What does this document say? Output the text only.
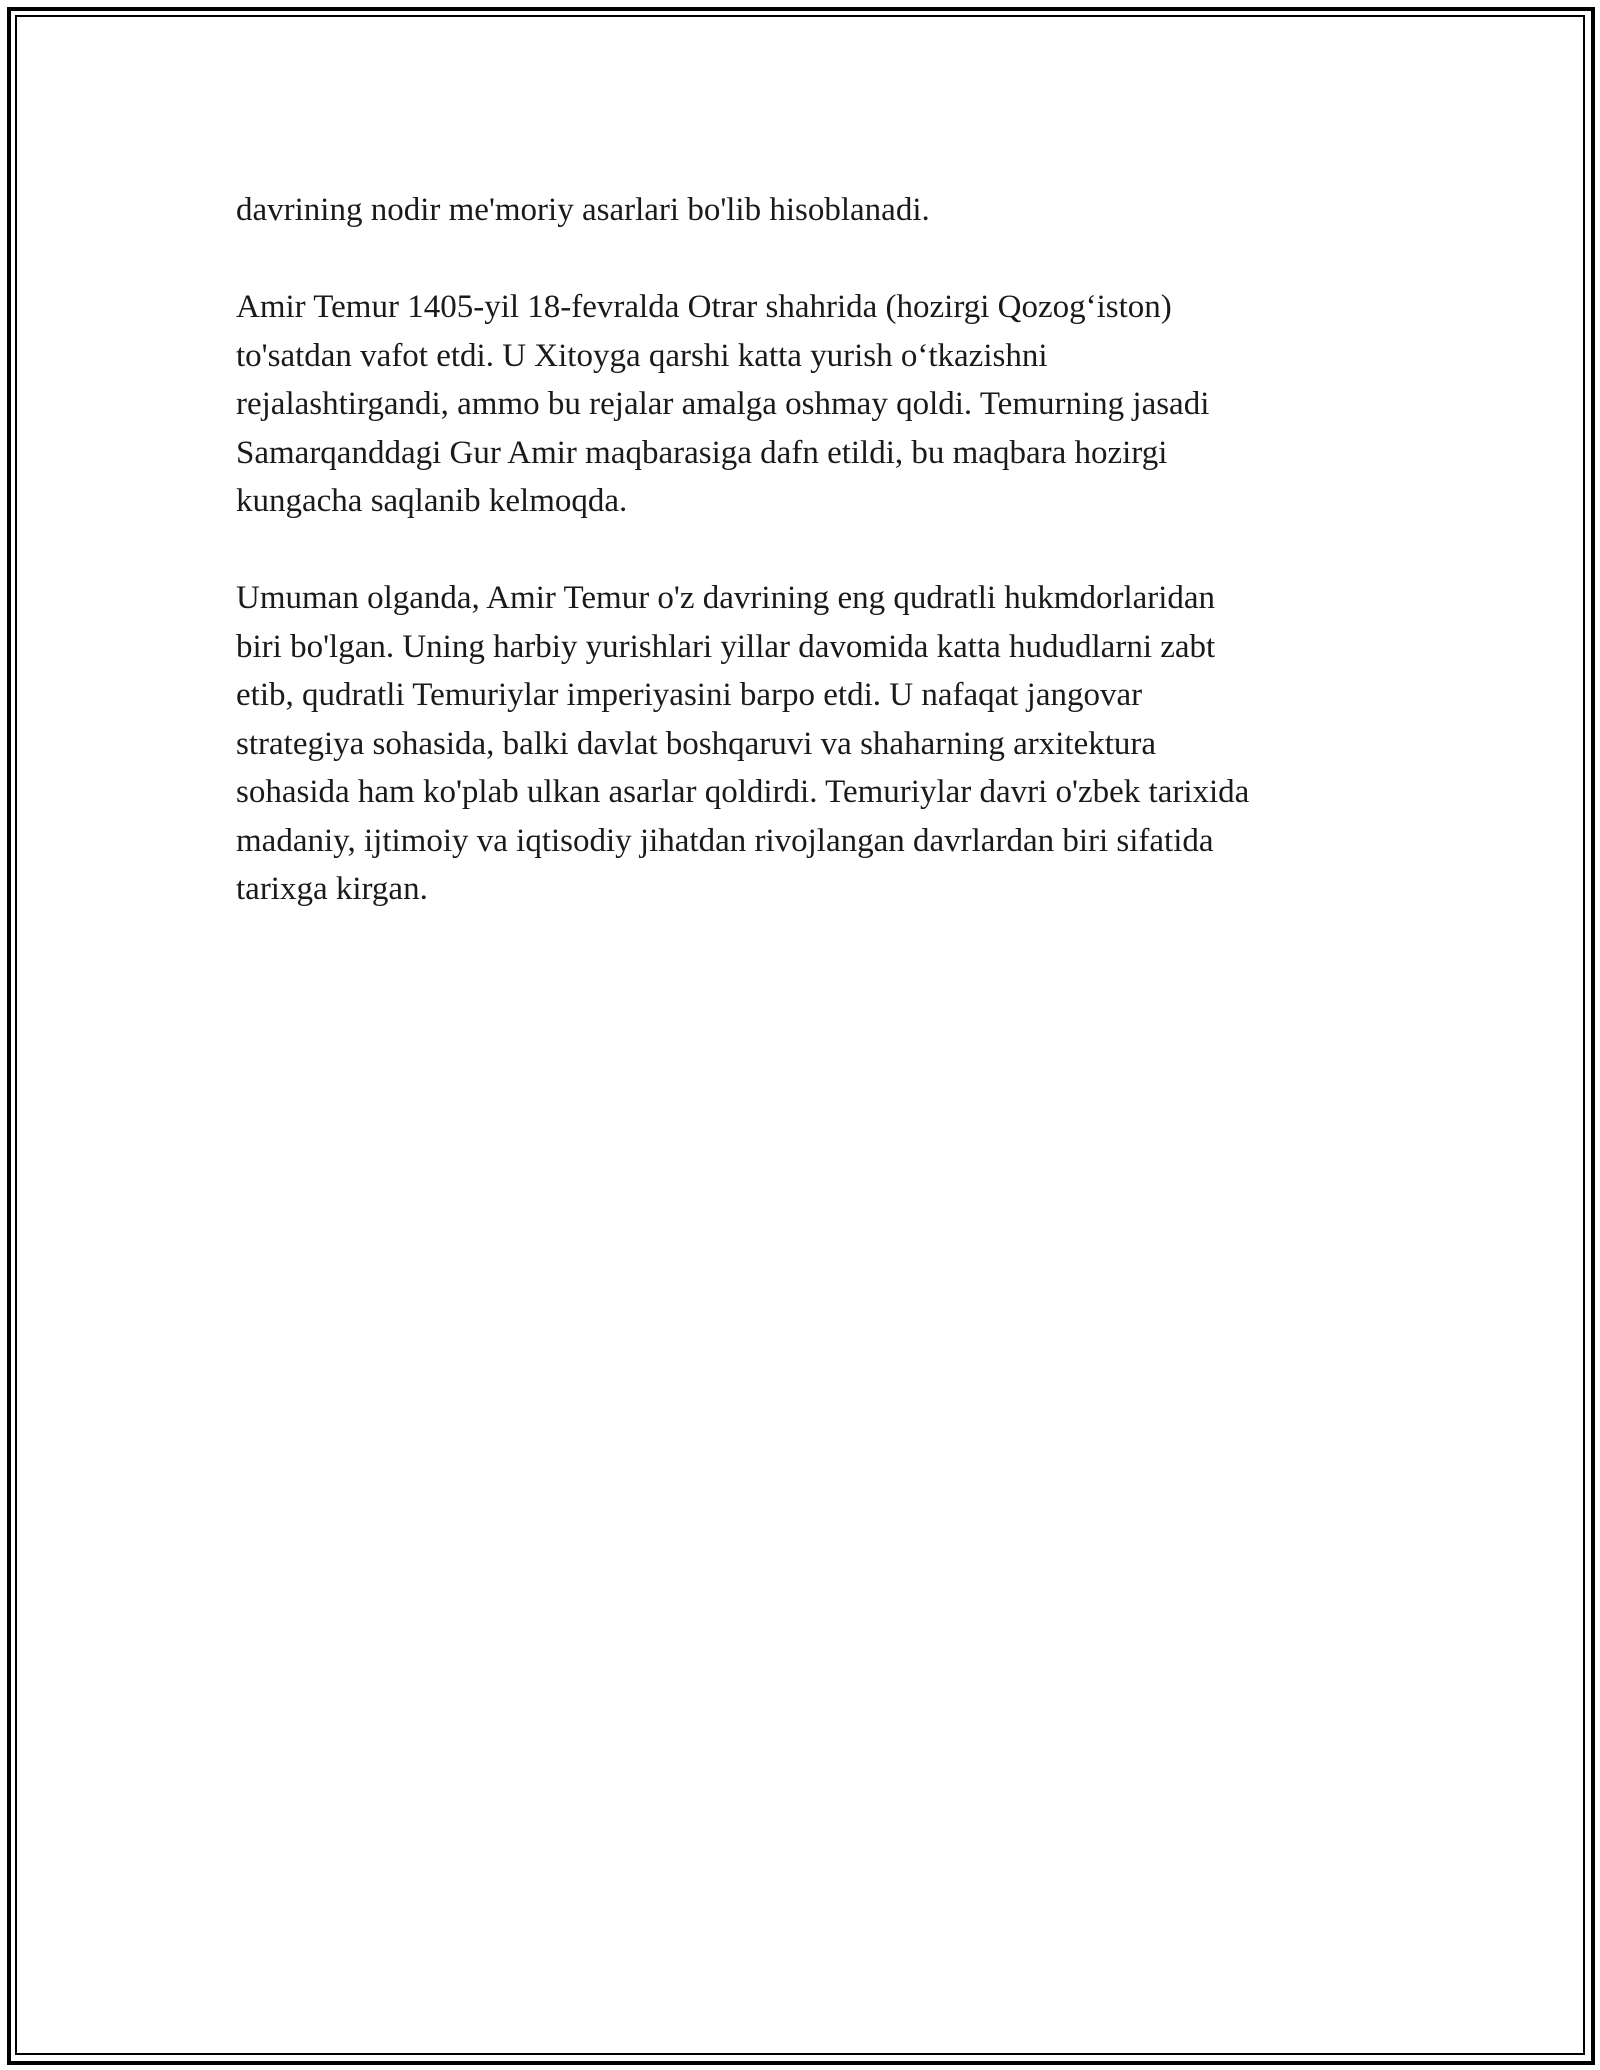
davrining nodir me'moriy asarlari bo'lib hisoblanadi.

Amir Temur 1405-yil 18-fevralda Otrar shahrida (hozirgi Qozog‘iston)
to'satdan vafot etdi. U Xitoyga qarshi katta yurish o‘tkazishni
rejalashtirgandi, ammo bu rejalar amalga oshmay qoldi. Temurning jasadi
Samarqanddagi Gur Amir maqbarasiga dafn etildi, bu maqbara hozirgi
kungacha saqlanib kelmoqda.

Umuman olganda, Amir Temur o'z davrining eng qudratli hukmdorlaridan
biri bo'lgan. Uning harbiy yurishlari yillar davomida katta hududlarni zabt
etib, qudratli Temuriylar imperiyasini barpo etdi. U nafaqat jangovar
strategiya sohasida, balki davlat boshqaruvi va shaharning arxitektura
sohasida ham ko'plab ulkan asarlar qoldirdi. Temuriylar davri o'zbek tarixida
madaniy, ijtimoiy va iqtisodiy jihatdan rivojlangan davrlardan biri sifatida
tarixga kirgan.
